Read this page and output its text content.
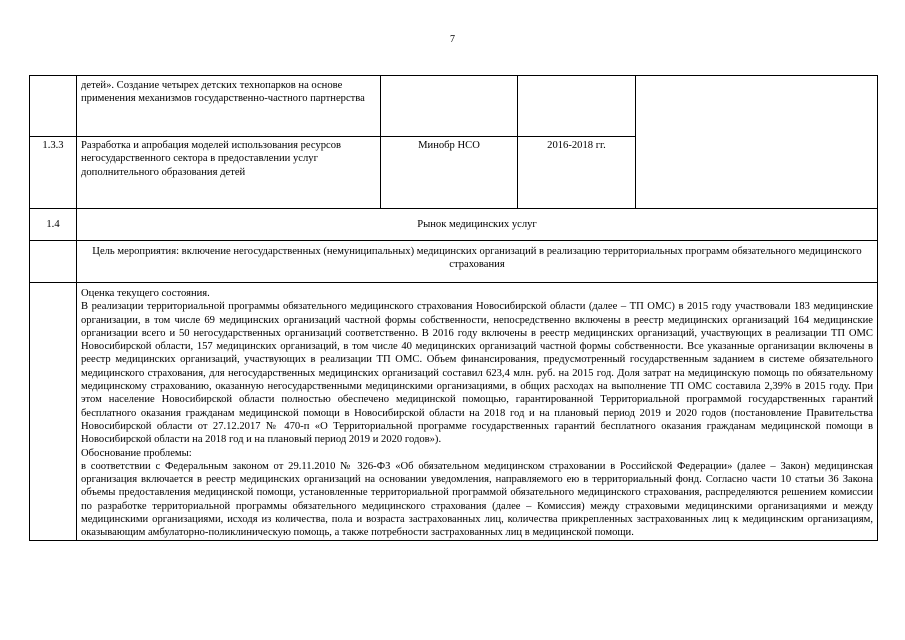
7
	детей». Создание четырех детских технопарков на основе применения механизмов государственно-частного партнерства			
1.3.3	Разработка и апробация моделей использования ресурсов негосударственного сектора в предоставлении услуг дополнительного образования детей	Минобр НСО	2016-2018 гг.	
1.4	Рынок медицинских услуг			
	Цель мероприятия: включение негосударственных (немуниципальных) медицинских организаций в реализацию территориальных программ обязательного медицинского страхования			

	Оценка текущего состояния.

В реализации территориальной программы обязательного медицинского страхования Новосибирской области (далее – ТП ОМС) в 2015 году участвовали 183 медицинские организации, в том числе 69 медицинских организаций частной формы собственности, непосредственно включены в реестр медицинских организаций 164 медицинские организации всего и 50 негосударственных организаций соответственно. В 2016 году включены в реестр медицинских организаций, участвующих в реализации ТП ОМС Новосибирской области, 157 медицинских организаций, в том числе 40 медицинских организаций частной формы собственности. Все указанные организации включены в реестр медицинских организаций, участвующих в реализации ТП ОМС. Объем финансирования, предусмотренный государственным заданием в системе обязательного медицинского страхования, для негосударственных медицинских организаций составил 623,4 млн. руб. на 2015 год. Доля затрат на медицинскую помощь по обязательному медицинскому страхованию, оказанную негосударственными медицинскими организациями, в общих расходах на выполнение ТП ОМС составила 2,39% в 2015 году. При этом население Новосибирской области полностью обеспечено медицинской помощью, гарантированной Территориальной программой государственных гарантий бесплатного оказания гражданам медицинской помощи в Новосибирской области на 2018 год и на плановый период 2019 и 2020 годов (постановление Правительства Новосибирской области от 27.12.2017 № 470-п «О Территориальной программе государственных гарантий бесплатного оказания гражданам медицинской помощи в Новосибирской области на 2018 год и на плановый период 2019 и 2020 годов»).

Обоснование проблемы:

в соответствии с Федеральным законом от 29.11.2010 № 326-ФЗ «Об обязательном медицинском страховании в Российской Федерации» (далее – Закон) медицинская организация включается в реестр медицинских организаций на основании уведомления, направляемого ею в территориальный фонд. Согласно части 10 статьи 36 Закона объемы предоставления медицинской помощи, установленные территориальной программой обязательного медицинского страхования, распределяются решением комиссии по разработке территориальной программы обязательного медицинского страхования (далее – Комиссия) между страховыми медицинскими организациями и между медицинскими организациями, исходя из количества, пола и возраста застрахованных лиц, количества прикрепленных застрахованных лиц к медицинским организациям, оказывающим амбулаторно-поликлиническую помощь, а также потребности застрахованных лиц в медицинской помощи.			
